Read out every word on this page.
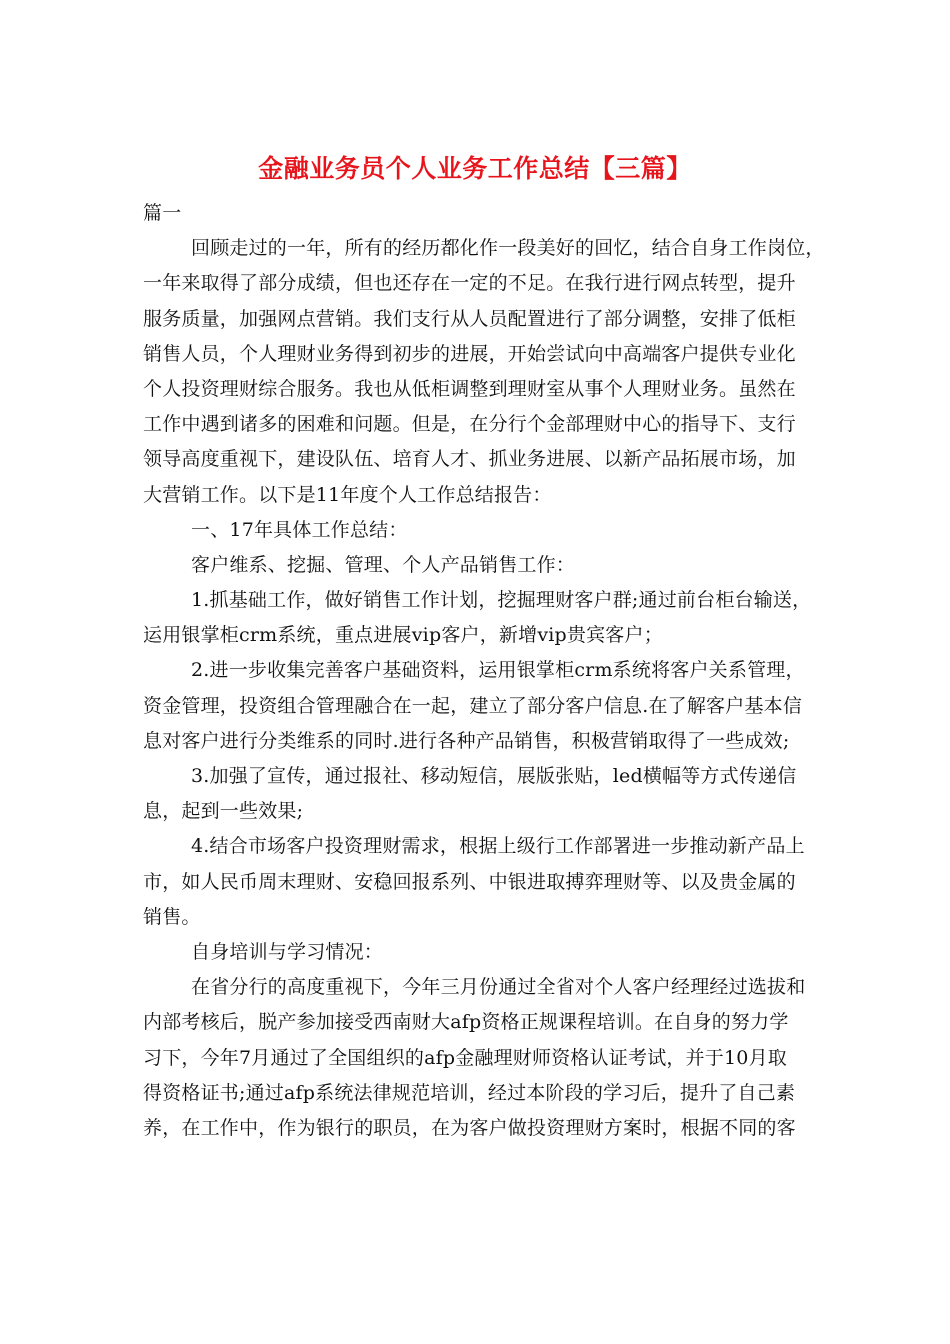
金融业务员个人业务工作总结【三篇】
篇一
回顾走过的一年，所有的经历都化作一段美好的回忆，结合自身工作岗位，
一年来取得了部分成绩，但也还存在一定的不足。在我行进行网点转型，提升
服务质量，加强网点营销。我们支行从人员配置进行了部分调整，安排了低柜
销售人员，个人理财业务得到初步的进展，开始尝试向中高端客户提供专业化
个人投资理财综合服务。我也从低柜调整到理财室从事个人理财业务。虽然在
工作中遇到诸多的困难和问题。但是，在分行个金部理财中心的指导下、支行
领导高度重视下，建设队伍、培育人才、抓业务进展、以新产品拓展市场，加
大营销工作。以下是11年度个人工作总结报告：
一、17年具体工作总结：
客户维系、挖掘、管理、个人产品销售工作：
1.抓基础工作，做好销售工作计划，挖掘理财客户群;通过前台柜台输送，
运用银掌柜crm系统，重点进展vip客户，新增vip贵宾客户；
2.进一步收集完善客户基础资料，运用银掌柜crm系统将客户关系管理，
资金管理，投资组合管理融合在一起，建立了部分客户信息.在了解客户基本信
息对客户进行分类维系的同时.进行各种产品销售，积极营销取得了一些成效;
3.加强了宣传，通过报社、移动短信，展版张贴，led横幅等方式传递信
息，起到一些效果;
4.结合市场客户投资理财需求，根据上级行工作部署进一步推动新产品上
市，如人民币周末理财、安稳回报系列、中银进取搏弈理财等、以及贵金属的
销售。
自身培训与学习情况：
在省分行的高度重视下，今年三月份通过全省对个人客户经理经过选拔和
内部考核后，脱产参加接受西南财大afp资格正规课程培训。在自身的努力学
习下，今年7月通过了全国组织的afp金融理财师资格认证考试，并于10月取
得资格证书;通过afp系统法律规范培训，经过本阶段的学习后，提升了自己素
养，在工作中，作为银行的职员，在为客户做投资理财方案时，根据不同的客
